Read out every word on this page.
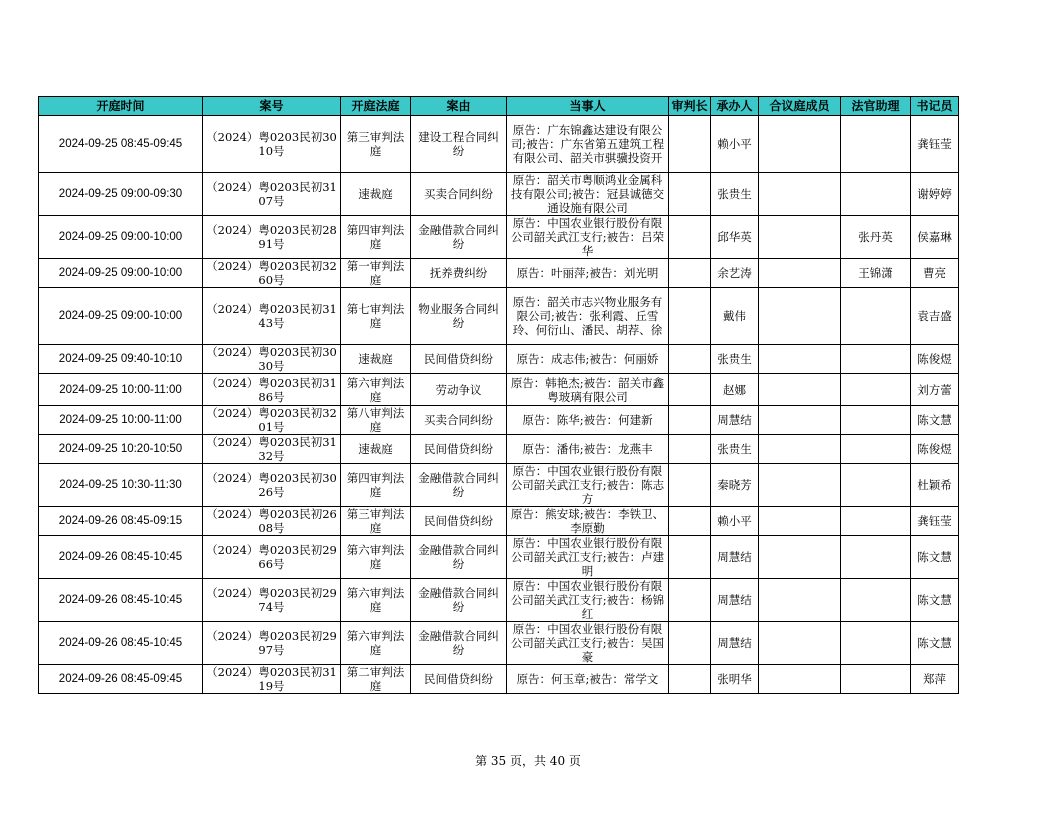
开庭时间	案号	开庭法庭	案由	当事人	审判长	承办人	合议庭成员	法官助理	书记员

2024-09-25 08:45-09:45	（2024）粤0203民初3010号	第三审判法庭	建设工程合同纠纷	原告：广东锦鑫达建设有限公司;被告：广东省第五建筑工程有限公司、韶关市骐骥投资开		赖小平			龚钰莹

2024-09-25 09:00-09:30	（2024）粤0203民初3107号	速裁庭	买卖合同纠纷	原告：韶关市粤顺鸿业金属科技有限公司;被告：冠县诚德交通设施有限公司		张贵生			谢婷婷

2024-09-25 09:00-10:00	（2024）粤0203民初2891号	第四审判法庭	金融借款合同纠纷	原告：中国农业银行股份有限公司韶关武江支行;被告：吕荣华		邱华英		张丹英	侯嘉琳

2024-09-25 09:00-10:00	（2024）粤0203民初3260号	第一审判法庭	抚养费纠纷	原告：叶丽萍;被告：刘光明		余艺涛		王锦潇	曹亮

2024-09-25 09:00-10:00	（2024）粤0203民初3143号	第七审判法庭	物业服务合同纠纷	原告：韶关市志兴物业服务有限公司;被告：张利霞、丘雪玲、何衍山、潘民、胡荐、徐		戴伟			袁吉盛

2024-09-25 09:40-10:10	（2024）粤0203民初3030号	速裁庭	民间借贷纠纷	原告：成志伟;被告：何丽娇		张贵生			陈俊煜

2024-09-25 10:00-11:00	（2024）粤0203民初3186号	第六审判法庭	劳动争议	原告：韩艳杰;被告：韶关市鑫粤玻璃有限公司		赵娜			刘方蕾

2024-09-25 10:00-11:00	（2024）粤0203民初3201号	第八审判法庭	买卖合同纠纷	原告：陈华;被告：何建新		周慧结			陈文慧

2024-09-25 10:20-10:50	（2024）粤0203民初3132号	速裁庭	民间借贷纠纷	原告：潘伟;被告：龙燕丰		张贵生			陈俊煜

2024-09-25 10:30-11:30	（2024）粤0203民初3026号	第四审判法庭	金融借款合同纠纷	原告：中国农业银行股份有限公司韶关武江支行;被告：陈志方		秦晓芳			杜颖希

2024-09-26 08:45-09:15	（2024）粤0203民初2608号	第三审判法庭	民间借贷纠纷	原告：熊安球;被告：李铁卫、李原勤		赖小平			龚钰莹

2024-09-26 08:45-10:45	（2024）粤0203民初2966号	第六审判法庭	金融借款合同纠纷	原告：中国农业银行股份有限公司韶关武江支行;被告：卢建明		周慧结			陈文慧

2024-09-26 08:45-10:45	（2024）粤0203民初2974号	第六审判法庭	金融借款合同纠纷	原告：中国农业银行股份有限公司韶关武江支行;被告：杨锦红		周慧结			陈文慧

2024-09-26 08:45-10:45	（2024）粤0203民初2997号	第六审判法庭	金融借款合同纠纷	原告：中国农业银行股份有限公司韶关武江支行;被告：吴国豪		周慧结			陈文慧

2024-09-26 08:45-09:45	（2024）粤0203民初3119号	第二审判法庭	民间借贷纠纷	原告：何玉章;被告：常学文		张明华			郑萍
第 35 页，共 40 页
